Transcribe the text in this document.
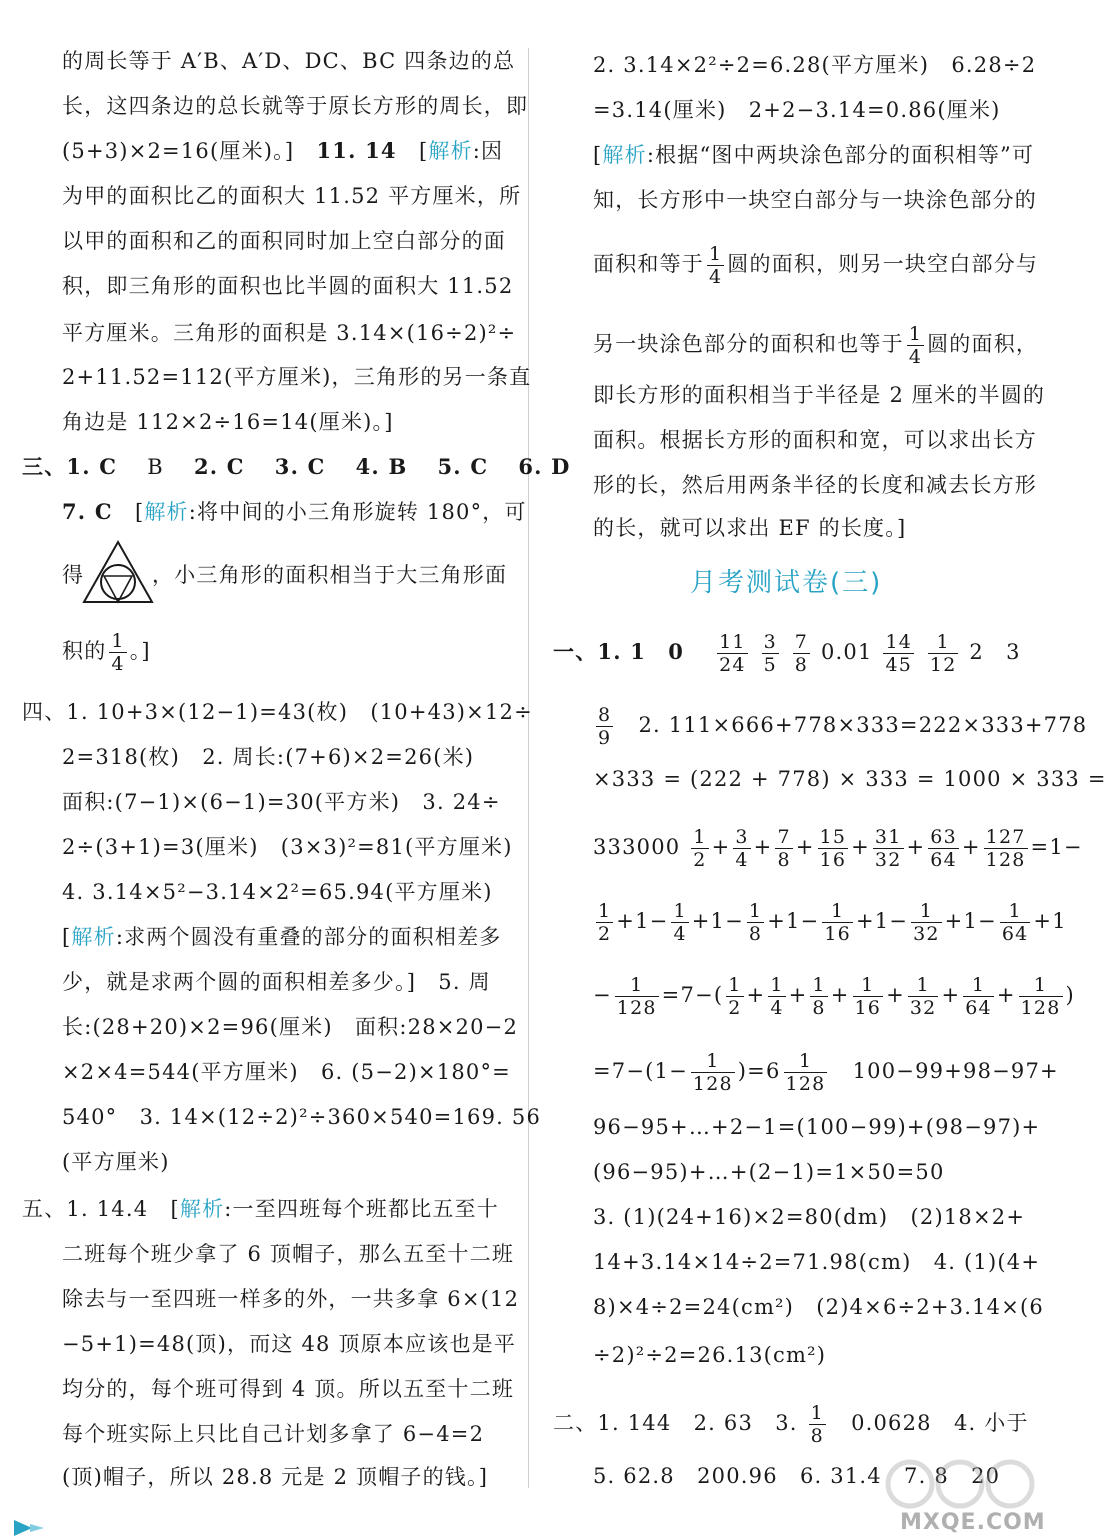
的周长等于 A′B、A′D、DC、BC 四条边的总
长，这四条边的总长就等于原长方形的周长，即
(5+3)×2=16(厘米)。]　 11. 14　 [解析:因
为甲的面积比乙的面积大 11.52 平方厘米，所
以甲的面积和乙的面积同时加上空白部分的面
积，即三角形的面积也比半圆的面积大 11.52
平方厘米。三角形的面积是 3.14×(16÷2)²÷
2+11.52=112(平方厘米)，三角形的另一条直
角边是 112×2÷16=14(厘米)。]
三、1. C　 B　 2. C　 3. C　 4. B　 5. C　 6. D
7. C　 [解析:将中间的小三角形旋转 180°，可
得	，小三角形的面积相当于大三角形面
积的 $\frac{1}{4}$ 。]
四、1. 10+3×(12−1)=43(枚)　(10+43)×12÷
2=318(枚)　2. 周长:(7+6)×2=26(米)
面积:(7−1)×(6−1)=30(平方米)　3. 24÷
2÷(3+1)=3(厘米)　(3×3)²=81(平方厘米)
4. 3.14×5²−3.14×2²=65.94(平方厘米)
[解析:求两个圆没有重叠的部分的面积相差多
少，就是求两个圆的面积相差多少。]　5. 周
长:(28+20)×2=96(厘米)　面积:28×20−2
×2×4=544(平方厘米)　6. (5−2)×180°=
540°　3. 14×(12÷2)²÷360×540=169. 56
(平方厘米)
五、1. 14.4　[解析:一至四班每个班都比五至十
二班每个班少拿了 6 顶帽子，那么五至十二班
除去与一至四班一样多的外，一共多拿 6×(12
−5+1)=48(顶)，而这 48 顶原本应该也是平
均分的，每个班可得到 4 顶。所以五至十二班
每个班实际上只比自己计划多拿了 6−4=2
(顶)帽子，所以 28.8 元是 2 顶帽子的钱。]
2. 3.14×2²÷2=6.28(平方厘米)　6.28÷2
=3.14(厘米)　2+2−3.14=0.86(厘米)
[解析:根据“图中两块涂色部分的面积相等”可
知，长方形中一块空白部分与一块涂色部分的
面积和等于 $\frac{1}{4}$ 圆的面积，则另一块空白部分与
另一块涂色部分的面积和也等于 $\frac{1}{4}$ 圆的面积，
即长方形的面积相当于半径是 2 厘米的半圆的
面积。根据长方形的面积和宽，可以求出长方
形的长，然后用两条半径的长度和减去长方形
的长，就可以求出 EF 的长度。]
月考测试卷(三)
一、1. 1　0　 $\frac{11}{24}$
$\frac{3}{5}$
$\frac{7}{8} 0.01 \frac{14}{45}$
$\frac{1}{12} 2$　3
$\frac{8}{9}$
　 2. 111×666+778×333=222×333+778
×333 = (222 + 778) × 333 = 1000 × 333 =
$333000 \frac{1}{2} + \frac{3}{4} + \frac{7}{8} + \frac{15}{16} + \frac{31}{32} + \frac{63}{64} + \frac{127}{128} =1-$
$\frac{1}{2} +1- \frac{1}{4} +1- \frac{1}{8} +1- \frac{1}{16} +1- \frac{1}{32} +1- \frac{1}{64} +1$
− $\frac{1}{128} =7-( \frac{1}{2} + \frac{1}{4} + \frac{1}{8} + \frac{1}{16} + \frac{1}{32} + \frac{1}{64} + \frac{1}{128}$ )
$=7-(1- \frac{1}{128} )=6 \frac{1}{128}$
　 100−99+98−97+
96−95+…+2−1=(100−99)+(98−97)+
(96−95)+…+(2−1)=1×50=50
3. (1)(24+16)×2=80(dm)　(2)18×2+
14+3.14×14÷2=71.98(cm)　4. (1)(4+
8)×4÷2=24(cm²)　(2)4×6÷2+3.14×(6
÷2)²÷2=26.13(cm²)
二、1. 144　2. 63　3. $\frac{1}{8}$
　 0.0628　4. 小于
5. 62.8　200.96　6. 31.4　7. 8　20
MXQE.COM
